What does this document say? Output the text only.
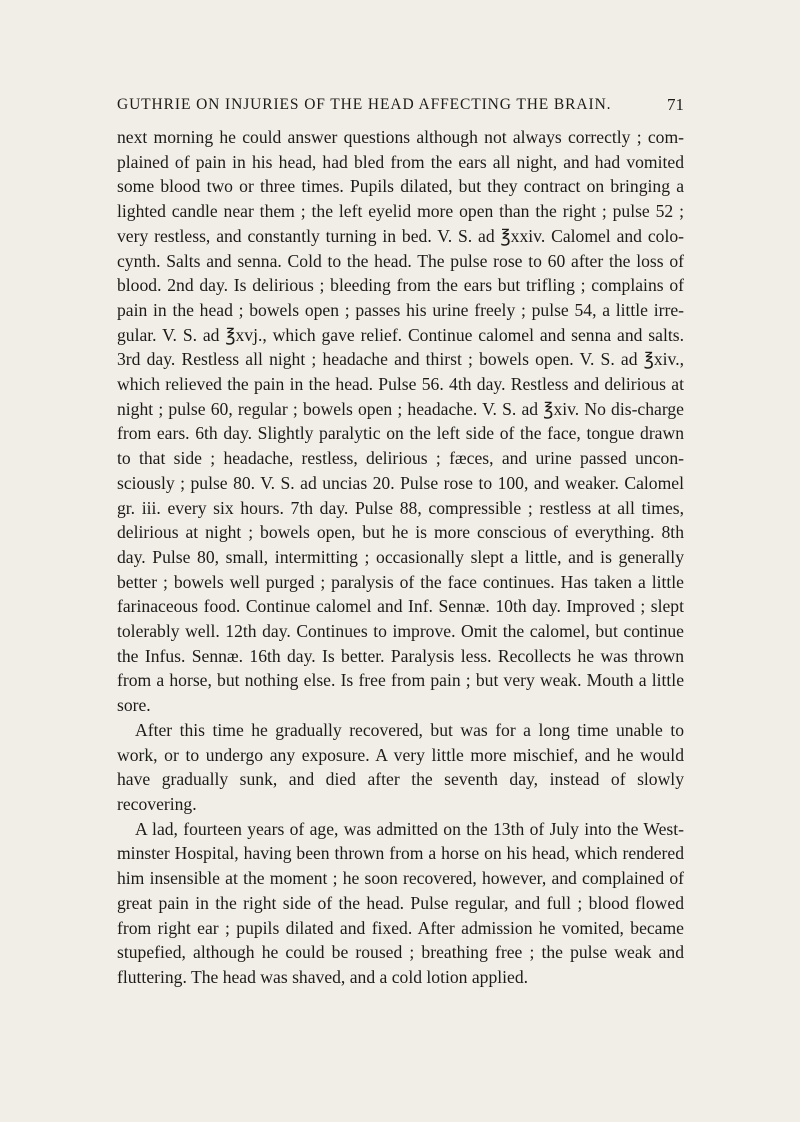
GUTHRIE ON INJURIES OF THE HEAD AFFECTING THE BRAIN.	71

next morning he could answer questions although not always correctly ; com-plained of pain in his head, had bled from the ears all night, and had vomited some blood two or three times. Pupils dilated, but they contract on bringing a lighted candle near them ; the left eyelid more open than the right ; pulse 52 ; very restless, and constantly turning in bed. V. S. ad ℥xxiv. Calomel and colo-cynth. Salts and senna. Cold to the head. The pulse rose to 60 after the loss of blood. 2nd day. Is delirious ; bleeding from the ears but trifling ; complains of pain in the head ; bowels open ; passes his urine freely ; pulse 54, a little irre-gular. V. S. ad ℥xvj., which gave relief. Continue calomel and senna and salts. 3rd day. Restless all night ; headache and thirst ; bowels open. V. S. ad ℥xiv., which relieved the pain in the head. Pulse 56. 4th day. Restless and delirious at night ; pulse 60, regular ; bowels open ; headache. V. S. ad ℥xiv. No dis-charge from ears. 6th day. Slightly paralytic on the left side of the face, tongue drawn to that side ; headache, restless, delirious ; fæces, and urine passed uncon-sciously ; pulse 80. V. S. ad uncias 20. Pulse rose to 100, and weaker. Calomel gr. iii. every six hours. 7th day. Pulse 88, compressible ; restless at all times, delirious at night ; bowels open, but he is more conscious of everything. 8th day. Pulse 80, small, intermitting ; occasionally slept a little, and is generally better ; bowels well purged ; paralysis of the face continues. Has taken a little farinaceous food. Continue calomel and Inf. Sennæ. 10th day. Improved ; slept tolerably well. 12th day. Continues to improve. Omit the calomel, but continue the Infus. Sennæ. 16th day. Is better. Paralysis less. Recollects he was thrown from a horse, but nothing else. Is free from pain ; but very weak. Mouth a little sore.

After this time he gradually recovered, but was for a long time unable to work, or to undergo any exposure. A very little more mischief, and he would have gradually sunk, and died after the seventh day, instead of slowly recovering.

A lad, fourteen years of age, was admitted on the 13th of July into the West-minster Hospital, having been thrown from a horse on his head, which rendered him insensible at the moment ; he soon recovered, however, and complained of great pain in the right side of the head. Pulse regular, and full ; blood flowed from right ear ; pupils dilated and fixed. After admission he vomited, became stupefied, although he could be roused ; breathing free ; the pulse weak and fluttering. The head was shaved, and a cold lotion applied.
